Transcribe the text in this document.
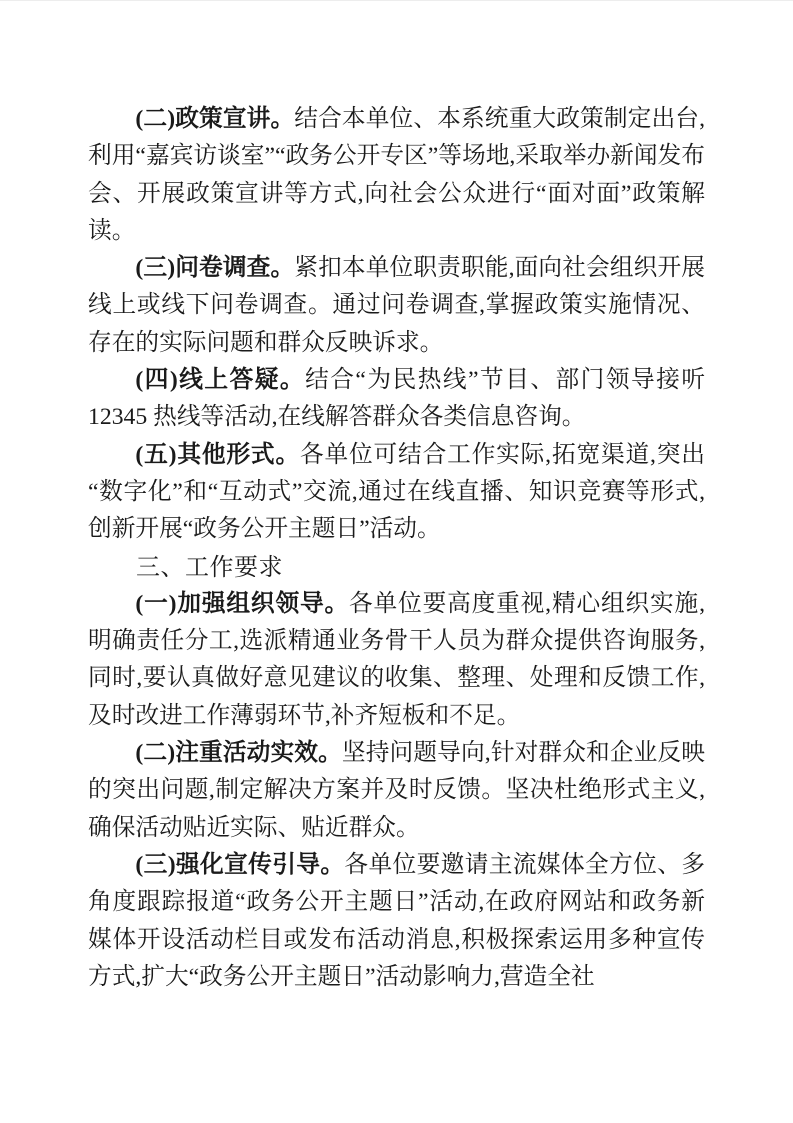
(二)政策宣讲。结合本单位、本系统重大政策制定出台,利用“嘉宾访谈室”“政务公开专区”等场地,采取举办新闻发布会、开展政策宣讲等方式,向社会公众进行“面对面”政策解读。

(三)问卷调查。紧扣本单位职责职能,面向社会组织开展线上或线下问卷调查。通过问卷调查,掌握政策实施情况、存在的实际问题和群众反映诉求。

(四)线上答疑。结合“为民热线”节目、部门领导接听 12345 热线等活动,在线解答群众各类信息咨询。

(五)其他形式。各单位可结合工作实际,拓宽渠道,突出“数字化”和“互动式”交流,通过在线直播、知识竞赛等形式,创新开展“政务公开主题日”活动。

三、工作要求

(一)加强组织领导。各单位要高度重视,精心组织实施,明确责任分工,选派精通业务骨干人员为群众提供咨询服务,同时,要认真做好意见建议的收集、整理、处理和反馈工作,及时改进工作薄弱环节,补齐短板和不足。

(二)注重活动实效。坚持问题导向,针对群众和企业反映的突出问题,制定解决方案并及时反馈。坚决杜绝形式主义,确保活动贴近实际、贴近群众。

(三)强化宣传引导。各单位要邀请主流媒体全方位、多角度跟踪报道“政务公开主题日”活动,在政府网站和政务新媒体开设活动栏目或发布活动消息,积极探索运用多种宣传方式,扩大“政务公开主题日”活动影响力,营造全社
